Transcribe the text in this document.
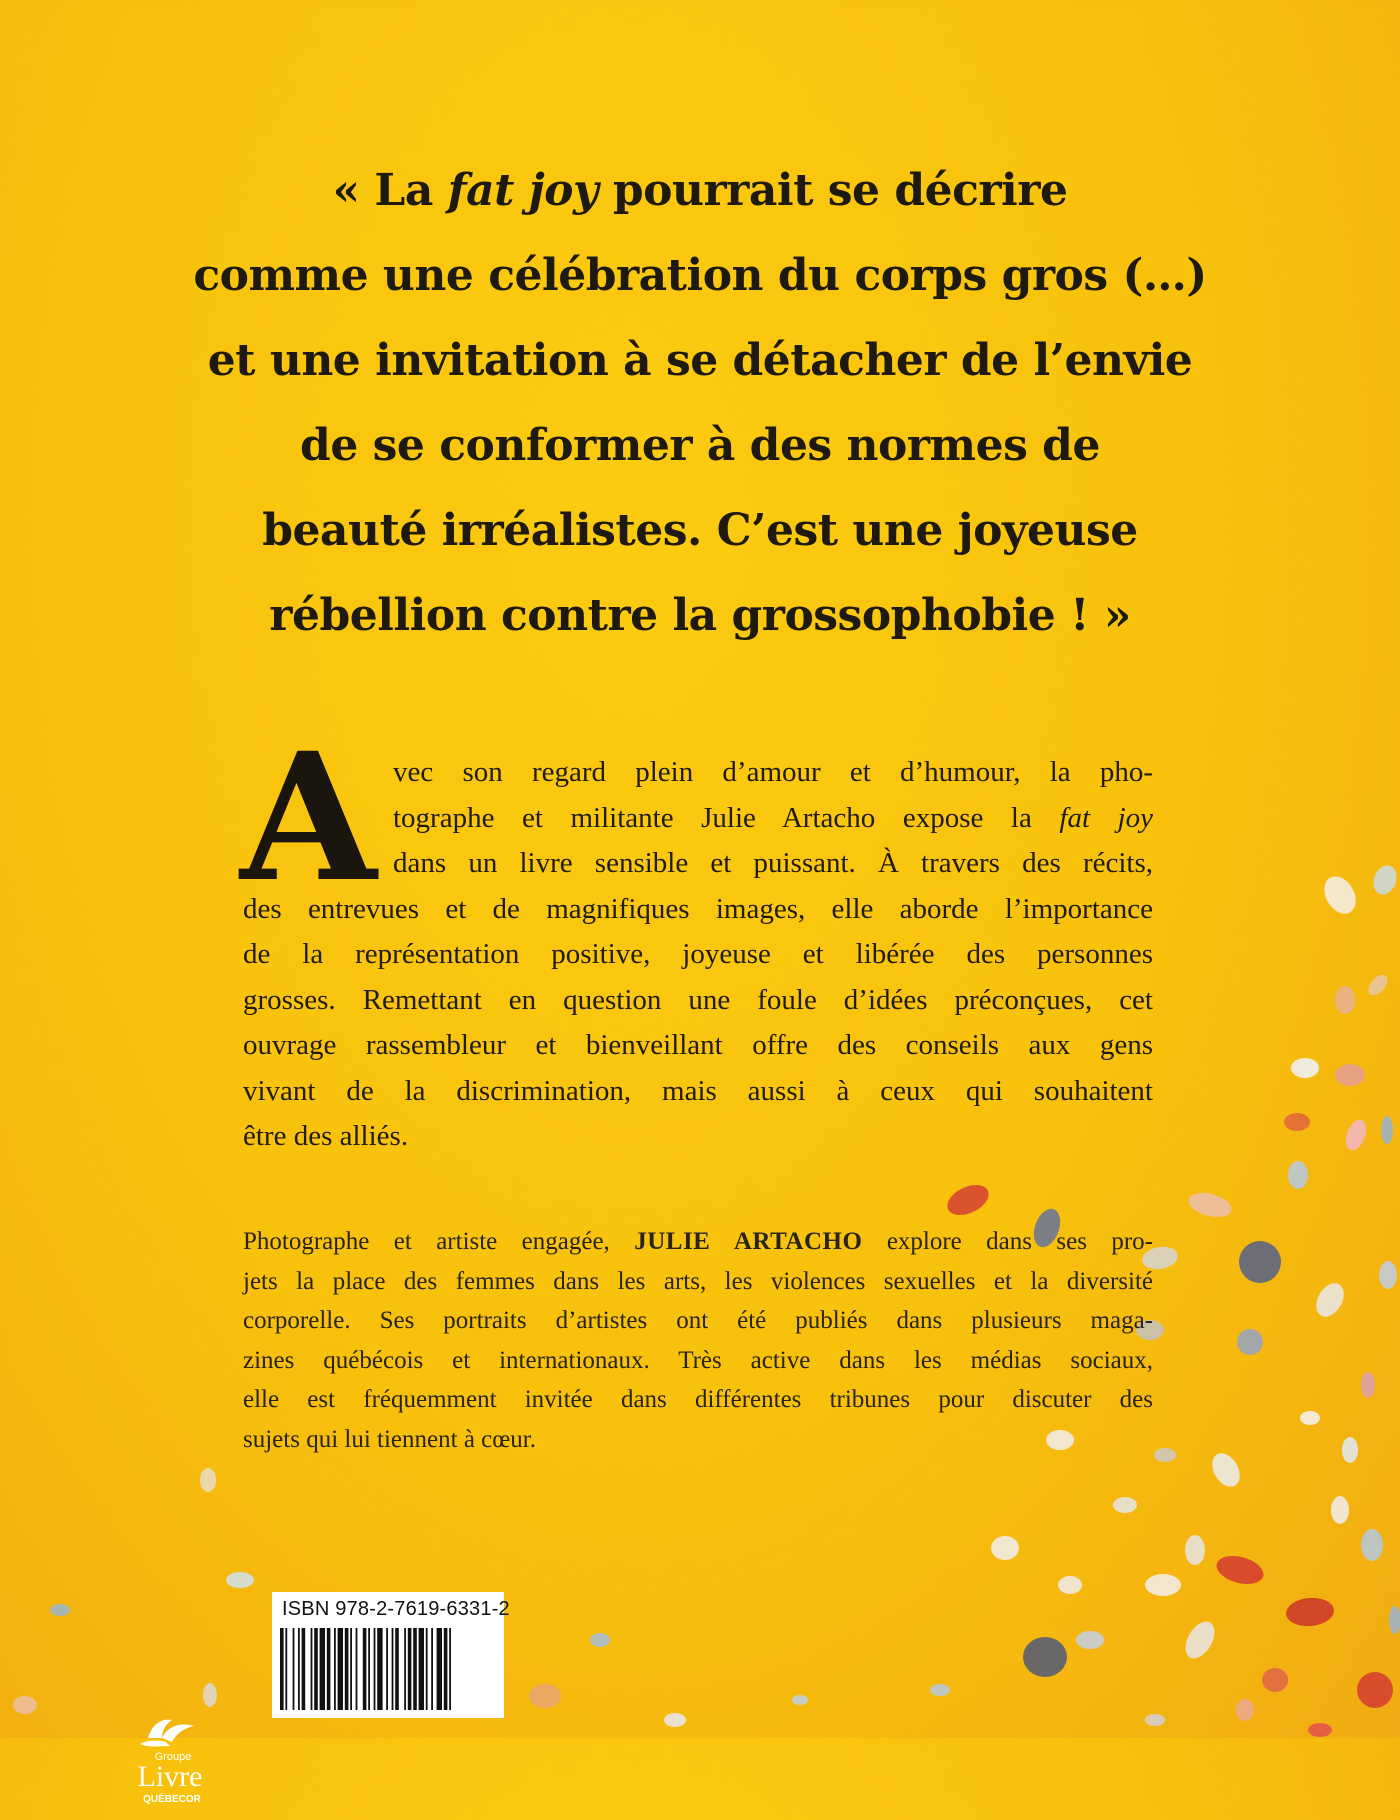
« La fat joy pourrait se décrire
comme une célébration du corps gros (…)
et une invitation à se détacher de l’envie
de se conformer à des normes de
beauté irréalistes. C’est une joyeuse
rébellion contre la grossophobie ! »
A vec son regard plein d’amour et d’humour, la pho-
tographe et militante Julie Artacho expose la fat joy
dans un livre sensible et puissant. À travers des récits,
des entrevues et de magnifiques images, elle aborde l’importance
de la représentation positive, joyeuse et libérée des personnes
grosses. Remettant en question une foule d’idées préconçues, cet
ouvrage rassembleur et bienveillant offre des conseils aux gens
vivant de la discrimination, mais aussi à ceux qui souhaitent
être des alliés.
Photographe et artiste engagée, JULIE ARTACHO explore dans ses pro-
jets la place des femmes dans les arts, les violences sexuelles et la diversité
corporelle. Ses portraits d’artistes ont été publiés dans plusieurs maga-
zines québécois et internationaux. Très active dans les médias sociaux,
elle est fréquemment invitée dans différentes tribunes pour discuter des
sujets qui lui tiennent à cœur.
Groupe
Livre
QUÉBECOR
ISBN 978-2-7619-6331-2
